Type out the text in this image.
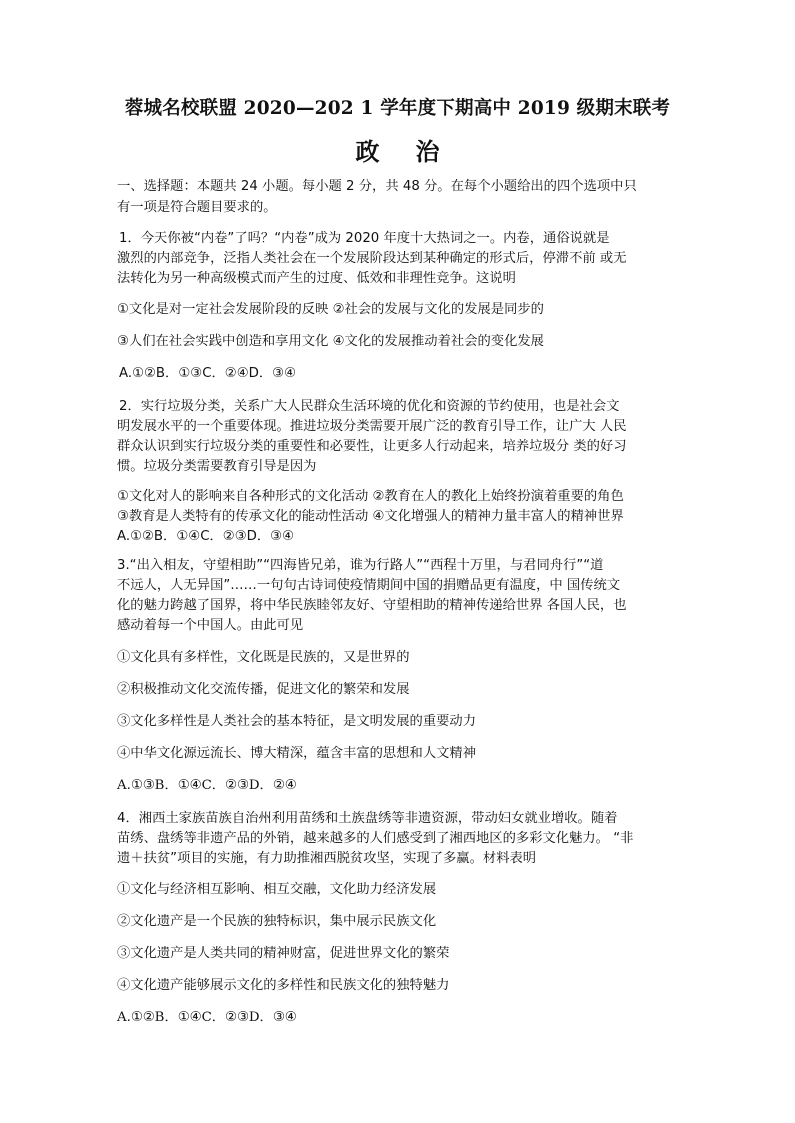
蓉城名校联盟 2020—202 1 学年度下期高中 2019 级期末联考
政治
一、选择题：本题共 24 小题。每小题 2 分，共 48 分。在每个小题给出的四个选项中只
有一项是符合题目要求的。
1．今天你被“内卷”了吗？“内卷”成为 2020 年度十大热词之一。内卷，通俗说就是
激烈的内部竞争，泛指人类社会在一个发展阶段达到某种确定的形式后，停滞不前 或无
法转化为另一种高级模式而产生的过度、低效和非理性竞争。这说明
①文化是对一定社会发展阶段的反映 ②社会的发展与文化的发展是同步的
③人们在社会实践中创造和享用文化 ④文化的发展推动着社会的变化发展
A.①②B．①③C．②④D．③④
2．实行垃圾分类，关系广大人民群众生活环境的优化和资源的节约使用，也是社会文
明发展水平的一个重要体现。推进垃圾分类需要开展广泛的教育引导工作，让广大 人民
群众认识到实行垃圾分类的重要性和必要性，让更多人行动起来，培养垃圾分 类的好习
惯。垃圾分类需要教育引导是因为
①文化对人的影响来自各种形式的文化活动 ②教育在人的教化上始终扮演着重要的角色
③教育是人类特有的传承文化的能动性活动 ④文化增强人的精神力量丰富人的精神世界
A.①②B．①④C．②③D．③④
3.“出入相友，守望相助”“四海皆兄弟，谁为行路人”“西程十万里，与君同舟行”“道
不远人，人无异国”……一句句古诗词使疫情期间中国的捐赠品更有温度，中 国传统文
化的魅力跨越了国界，将中华民族睦邻友好、守望相助的精神传递给世界 各国人民，也
感动着每一个中国人。由此可见
①文化具有多样性，文化既是民族的，又是世界的
②积极推动文化交流传播，促进文化的繁荣和发展
③文化多样性是人类社会的基本特征，是文明发展的重要动力
④中华文化源远流长、博大精深，蕴含丰富的思想和人文精神
A.①③B．①④C．②③D．②④
4．湘西土家族苗族自治州利用苗绣和土族盘绣等非遗资源，带动妇女就业增收。随着
苗绣、盘绣等非遗产品的外销，越来越多的人们感受到了湘西地区的多彩文化魅力。 “非
遗＋扶贫”项目的实施，有力助推湘西脱贫攻坚，实现了多赢。材料表明
①文化与经济相互影响、相互交融，文化助力经济发展
②文化遗产是一个民族的独特标识，集中展示民族文化
③文化遗产是人类共同的精神财富，促进世界文化的繁荣
④文化遗产能够展示文化的多样性和民族文化的独特魅力
A.①②B．①④C．②③D．③④
